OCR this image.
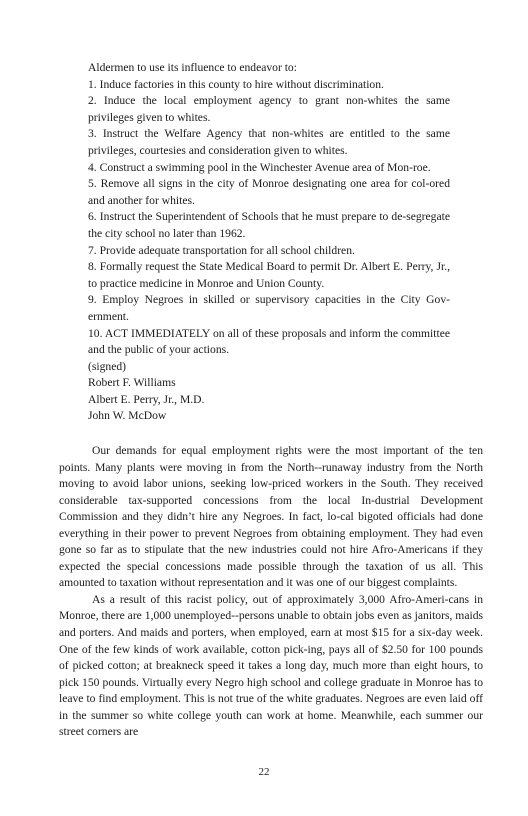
Aldermen to use its influence to endeavor to:

1. Induce factories in this county to hire without discrimination.

2. Induce the local employment agency to grant non-whites the same privileges given to whites.

3. Instruct the Welfare Agency that non-whites are entitled to the same privileges, courtesies and consideration given to whites.

4. Construct a swimming pool in the Winchester Avenue area of Mon-roe.

5. Remove all signs in the city of Monroe designating one area for col-ored and another for whites.

6. Instruct the Superintendent of Schools that he must prepare to de-segregate the city school no later than 1962.

7. Provide adequate transportation for all school children.

8. Formally request the State Medical Board to permit Dr. Albert E. Perry, Jr., to practice medicine in Monroe and Union County.

9. Employ Negroes in skilled or supervisory capacities in the City Gov-ernment.

10. ACT IMMEDIATELY on all of these proposals and inform the committee and the public of your actions.

(signed)

Robert F. Williams

Albert E. Perry, Jr., M.D.

John W. McDow

Our demands for equal employment rights were the most important of the ten points. Many plants were moving in from the North--runaway industry from the North moving to avoid labor unions, seeking low-priced workers in the South. They received considerable tax-supported concessions from the local In-dustrial Development Commission and they didn’t hire any Negroes. In fact, lo-cal bigoted officials had done everything in their power to prevent Negroes from obtaining employment. They had even gone so far as to stipulate that the new industries could not hire Afro-Americans if they expected the special concessions made possible through the taxation of us all. This amounted to taxation without representation and it was one of our biggest complaints.

As a result of this racist policy, out of approximately 3,000 Afro-Ameri-cans in Monroe, there are 1,000 unemployed--persons unable to obtain jobs even as janitors, maids and porters. And maids and porters, when employed, earn at most $15 for a six-day week. One of the few kinds of work available, cotton pick-ing, pays all of $2.50 for 100 pounds of picked cotton; at breakneck speed it takes a long day, much more than eight hours, to pick 150 pounds. Virtually every Negro high school and college graduate in Monroe has to leave to find employment. This is not true of the white graduates. Negroes are even laid off in the summer so white college youth can work at home. Meanwhile, each summer our street corners are

22
